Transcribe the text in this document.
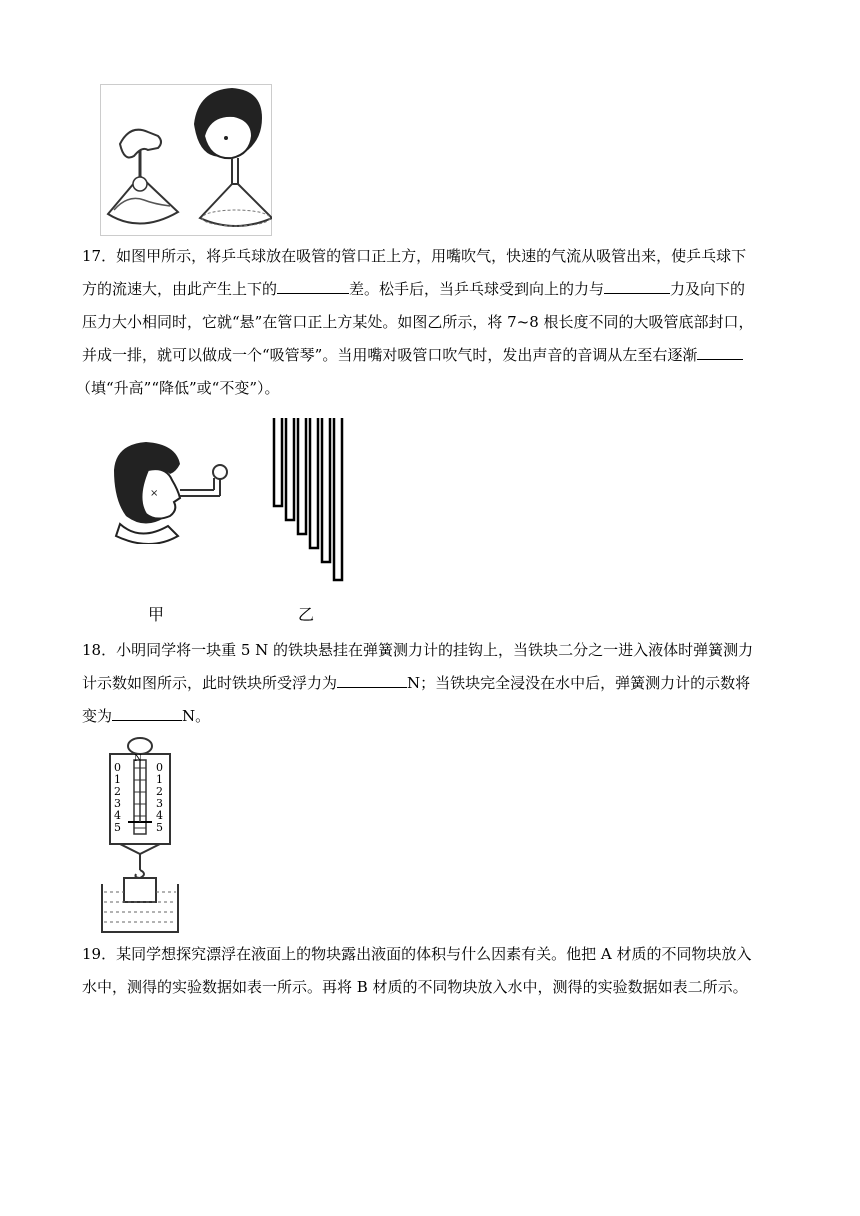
17．如图甲所示，将乒乓球放在吸管的管口正上方，用嘴吹气，快速的气流从吸管出来，使乒乓球下

方的流速大，由此产生上下的	差。松手后，当乒乓球受到向上的力与	力及向下的

压力大小相同时，它就“悬”在管口正上方某处。如图乙所示，将 7~8 根长度不同的大吸管底部封口，

并成一排，就可以做成一个“吸管琴”。当用嘴对吸管口吹气时，发出声音的音调从左至右逐渐

（填“升高”“降低”或“不变”）。

×
甲	乙

18．小明同学将一块重 5 N 的铁块悬挂在弹簧测力计的挂钩上，当铁块二分之一进入液体时弹簧测力

计示数如图所示，此时铁块所受浮力为	N；当铁块完全浸没在水中后，弹簧测力计的示数将

变为	N。

N
0
1
2
3
4
5
0
1
2
3
4
5

19．某同学想探究漂浮在液面上的物块露出液面的体积与什么因素有关。他把 A 材质的不同物块放入

水中，测得的实验数据如表一所示。再将 B 材质的不同物块放入水中，测得的实验数据如表二所示。
